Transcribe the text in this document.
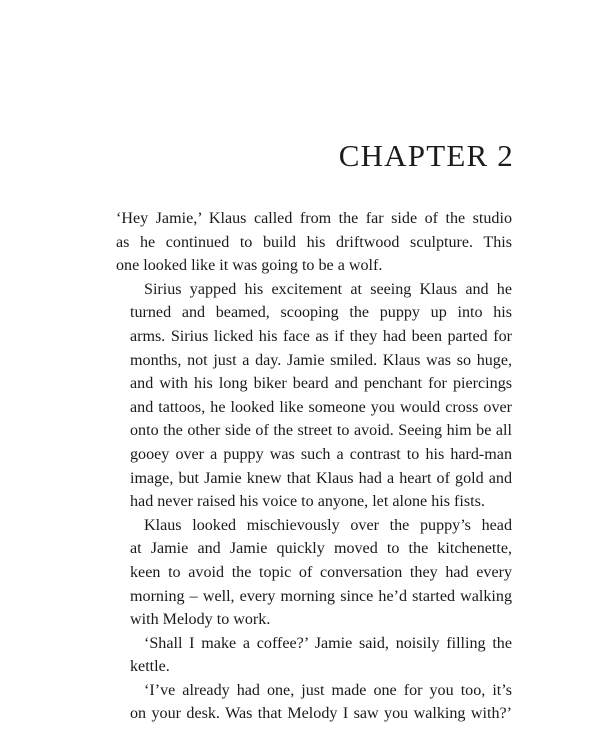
CHAPTER 2

‘Hey Jamie,’ Klaus called from the far side of the studio
as he continued to build his driftwood sculpture. This
one looked like it was going to be a wolf.

Sirius yapped his excitement at seeing Klaus and he
turned and beamed, scooping the puppy up into his
arms. Sirius licked his face as if they had been parted for
months, not just a day. Jamie smiled. Klaus was so huge,
and with his long biker beard and penchant for piercings
and tattoos, he looked like someone you would cross over
onto the other side of the street to avoid. Seeing him be all
gooey over a puppy was such a contrast to his hard-man
image, but Jamie knew that Klaus had a heart of gold and
had never raised his voice to anyone, let alone his fists.

Klaus looked mischievously over the puppy’s head
at Jamie and Jamie quickly moved to the kitchenette,
keen to avoid the topic of conversation they had every
morning – well, every morning since he’d started walking
with Melody to work.

‘Shall I make a coffee?’ Jamie said, noisily filling the
kettle.

‘I’ve already had one, just made one for you too, it’s
on your desk. Was that Melody I saw you walking with?’
